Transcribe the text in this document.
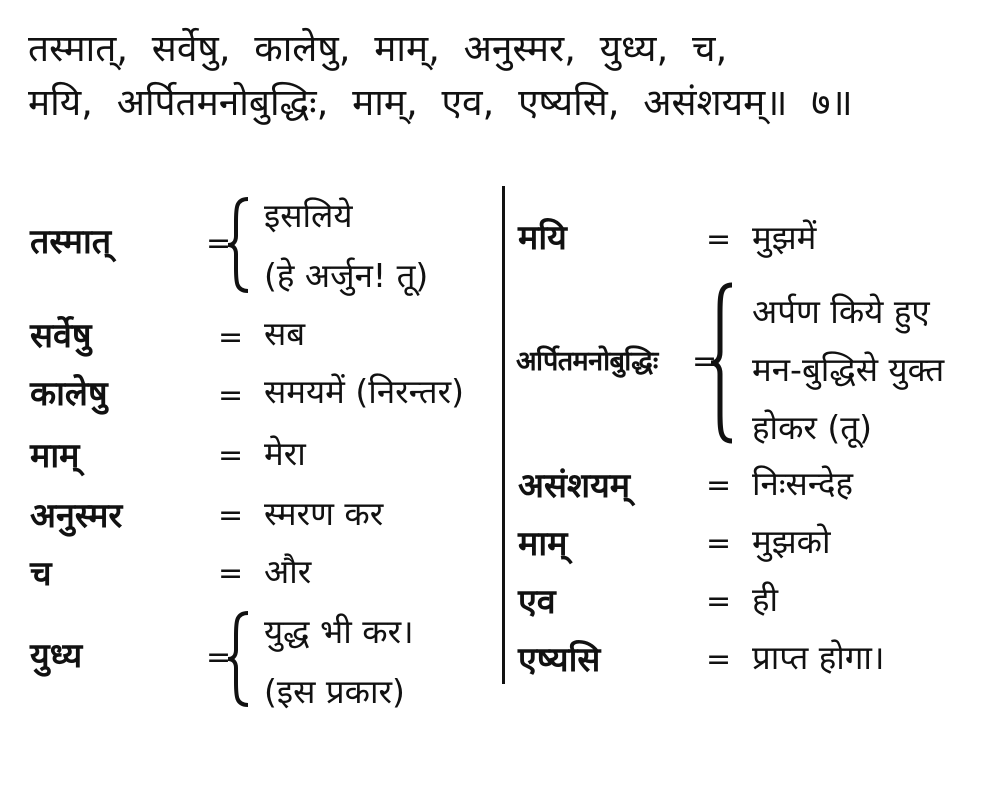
तस्मात्, सर्वेषु, कालेषु, माम्, अनुस्मर, युध्य, च,
मयि, अर्पितमनोबुद्धिः, माम्, एव, एष्यसि, असंशयम्॥ ७॥
तस्मात्	=
इसलिये
(हे अर्जुन! तू)
सर्वेषु	= सब
कालेषु	= समयमें (निरन्तर)
माम्	= मेरा
अनुस्मर	= स्मरण कर
च	= और
युध्य	=
युद्ध भी कर।
(इस प्रकार)
मयि	= मुझमें
अर्पितमनोबुद्धिः =
अर्पण किये हुए
मन-बुद्धिसे युक्त
होकर (तू)
असंशयम्	= निःसन्देह
माम्	= मुझको
एव	= ही
एष्यसि	= प्राप्त होगा।
